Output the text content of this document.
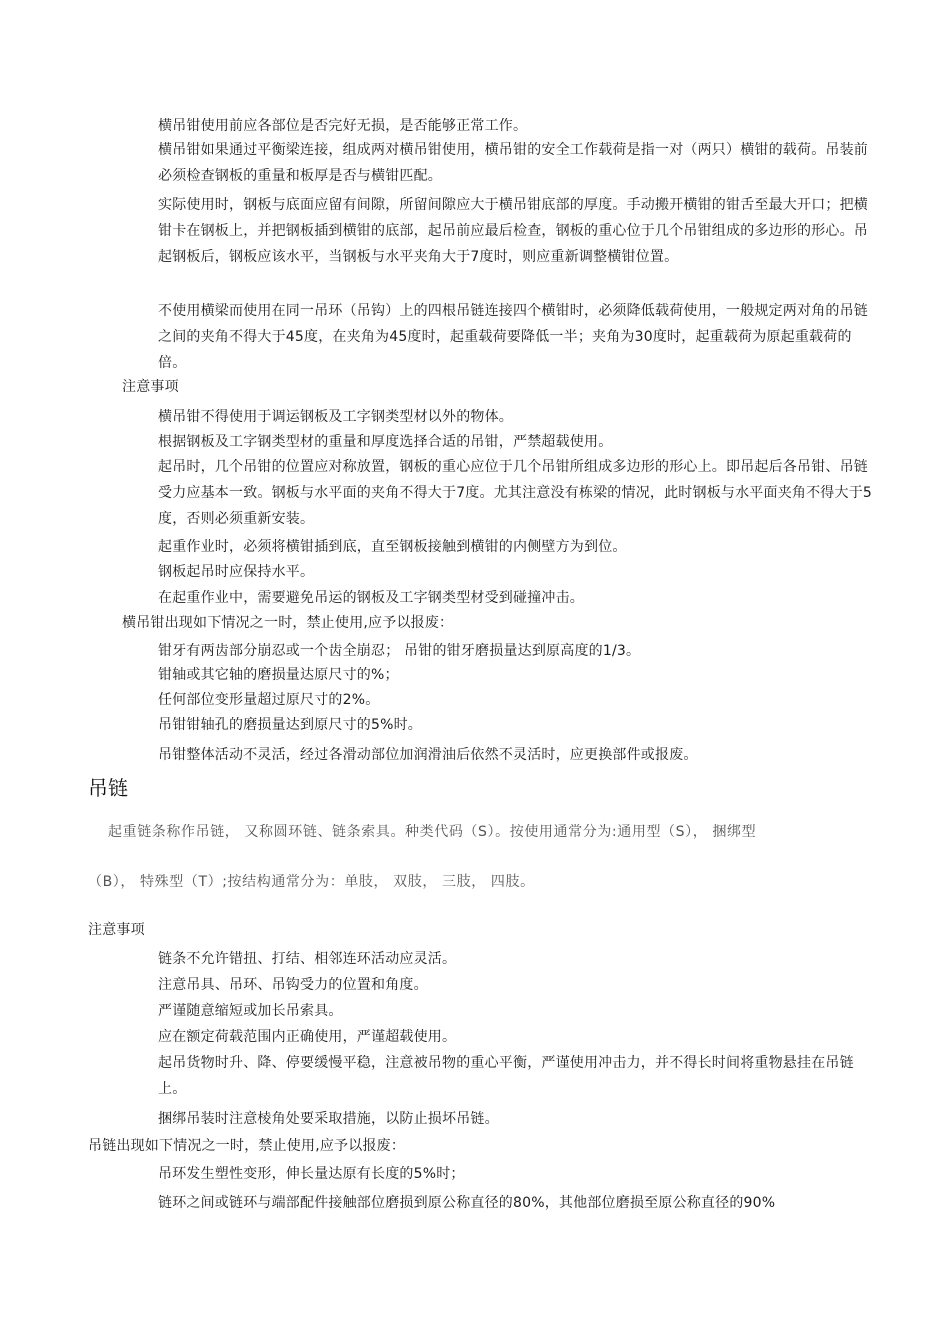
横吊钳使用前应各部位是否完好无损，是否能够正常工作。

横吊钳如果通过平衡梁连接，组成两对横吊钳使用，横吊钳的安全工作载荷是指一对（两只）横钳的载荷。吊装前必须检查钢板的重量和板厚是否与横钳匹配。

实际使用时，钢板与底面应留有间隙，所留间隙应大于横吊钳底部的厚度。手动搬开横钳的钳舌至最大开口；把横钳卡在钢板上，并把钢板插到横钳的底部，起吊前应最后检查，钢板的重心位于几个吊钳组成的多边形的形心。吊起钢板后，钢板应该水平，当钢板与水平夹角大于7度时，则应重新调整横钳位置。

不使用横梁而使用在同一吊环（吊钩）上的四根吊链连接四个横钳时，必须降低载荷使用，一般规定两对角的吊链之间的夹角不得大于45度，在夹角为45度时，起重载荷要降低一半；夹角为30度时，起重载荷为原起重载荷的倍。

注意事项

横吊钳不得使用于调运钢板及工字钢类型材以外的物体。

根据钢板及工字钢类型材的重量和厚度选择合适的吊钳，严禁超载使用。

起吊时，几个吊钳的位置应对称放置，钢板的重心应位于几个吊钳所组成多边形的形心上。即吊起后各吊钳、吊链受力应基本一致。钢板与水平面的夹角不得大于7度。尤其注意没有栋梁的情况，此时钢板与水平面夹角不得大于5度，否则必须重新安装。

起重作业时，必须将横钳插到底，直至钢板接触到横钳的内侧壁方为到位。

钢板起吊时应保持水平。

在起重作业中，需要避免吊运的钢板及工字钢类型材受到碰撞冲击。

横吊钳出现如下情况之一时，禁止使用,应予以报废：

钳牙有两齿部分崩忍或一个齿全崩忍； 吊钳的钳牙磨损量达到原高度的1/3。

钳轴或其它轴的磨损量达原尺寸的%；

任何部位变形量超过原尺寸的2%。

吊钳钳轴孔的磨损量达到原尺寸的5%时。

吊钳整体活动不灵活，经过各滑动部位加润滑油后依然不灵活时，应更换部件或报废。

吊链

起重链条称作吊链， 又称圆环链、链条索具。种类代码（S）。按使用通常分为:通用型（S）， 捆绑型

（B）， 特殊型（T）;按结构通常分为：单肢， 双肢， 三肢， 四肢。

注意事项

链条不允许错扭、打结、相邻连环活动应灵活。

注意吊具、吊环、吊钩受力的位置和角度。

严谨随意缩短或加长吊索具。

应在额定荷载范围内正确使用，严谨超载使用。

起吊货物时升、降、停要缓慢平稳，注意被吊物的重心平衡，严谨使用冲击力，并不得长时间将重物悬挂在吊链上。

捆绑吊装时注意棱角处要采取措施，以防止损坏吊链。

吊链出现如下情况之一时，禁止使用,应予以报废：

吊环发生塑性变形，伸长量达原有长度的5%时；

链环之间或链环与端部配件接触部位磨损到原公称直径的80%，其他部位磨损至原公称直径的90%
